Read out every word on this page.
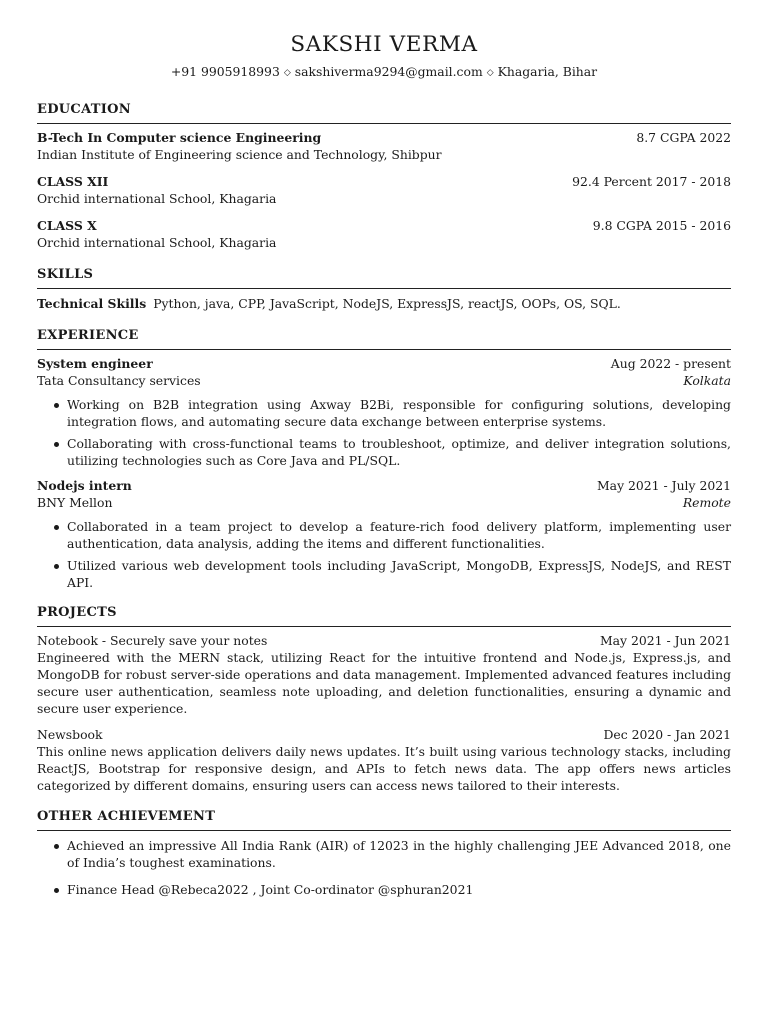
SAKSHI VERMA
+91 9905918993 ◇ sakshiverma9294@gmail.com ◇ Khagaria, Bihar
EDUCATION
B-Tech In Computer science Engineering	8.7 CGPA 2022
Indian Institute of Engineering science and Technology, Shibpur
CLASS XII	92.4 Percent 2017 - 2018
Orchid international School, Khagaria
CLASS X	9.8 CGPA 2015 - 2016
Orchid international School, Khagaria
SKILLS
Technical Skills Python, java, CPP, JavaScript, NodeJS, ExpressJS, reactJS, OOPs, OS, SQL.
EXPERIENCE
System engineer	Aug 2022 - present
Tata Consultancy services	Kolkata
Working on B2B integration using Axway B2Bi, responsible for configuring solutions, developing integration flows, and automating secure data exchange between enterprise systems.
Collaborating with cross-functional teams to troubleshoot, optimize, and deliver integration solutions, utilizing technologies such as Core Java and PL/SQL.
Nodejs intern	May 2021 - July 2021
BNY Mellon	Remote
Collaborated in a team project to develop a feature-rich food delivery platform, implementing user authentication, data analysis, adding the items and different functionalities.
Utilized various web development tools including JavaScript, MongoDB, ExpressJS, NodeJS, and REST API.
PROJECTS
Notebook - Securely save your notes	May 2021 - Jun 2021
Engineered with the MERN stack, utilizing React for the intuitive frontend and Node.js, Express.js, and MongoDB for robust server-side operations and data management. Implemented advanced features including secure user authentication, seamless note uploading, and deletion functionalities, ensuring a dynamic and secure user experience.
Newsbook	Dec 2020 - Jan 2021
This online news application delivers daily news updates. It’s built using various technology stacks, including ReactJS, Bootstrap for responsive design, and APIs to fetch news data. The app offers news articles categorized by different domains, ensuring users can access news tailored to their interests.
OTHER ACHIEVEMENT
Achieved an impressive All India Rank (AIR) of 12023 in the highly challenging JEE Advanced 2018, one of India’s toughest examinations.
Finance Head @Rebeca2022 , Joint Co-ordinator @sphuran2021
